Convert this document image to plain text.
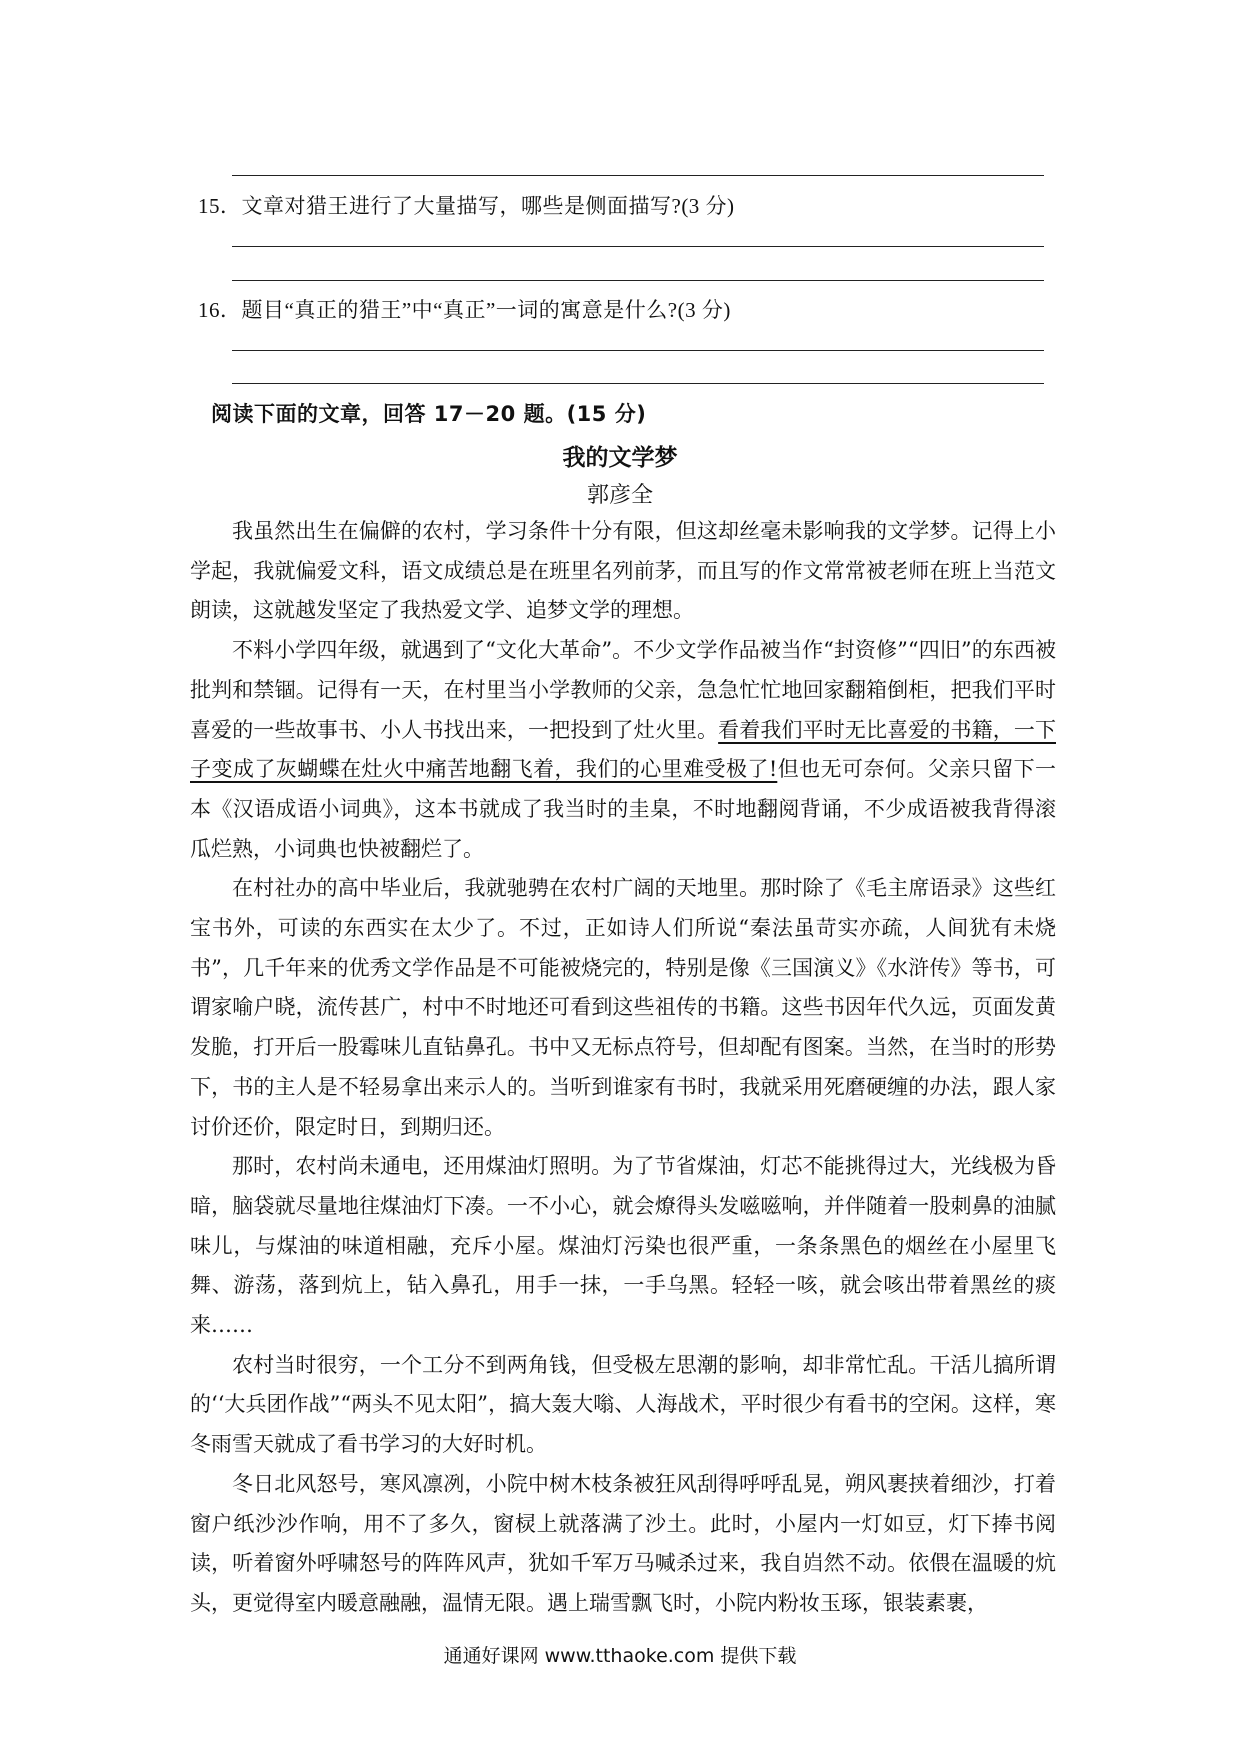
15．文章对猎王进行了大量描写，哪些是侧面描写?(3 分)
16．题目“真正的猎王”中“真正”一词的寓意是什么?(3 分)
阅读下面的文章，回答 17－20 题。(15 分)
我的文学梦
郭彦全

我虽然出生在偏僻的农村，学习条件十分有限，但这却丝毫未影响我的文学梦。记得上小学起，我就偏爱文科，语文成绩总是在班里名列前茅，而且写的作文常常被老师在班上当范文朗读，这就越发坚定了我热爱文学、追梦文学的理想。

不料小学四年级，就遇到了“文化大革命”。不少文学作品被当作“封资修”“四旧”的东西被批判和禁锢。记得有一天，在村里当小学教师的父亲，急急忙忙地回家翻箱倒柜，把我们平时喜爱的一些故事书、小人书找出来，一把投到了灶火里。看着我们平时无比喜爱的书籍，一下子变成了灰蝴蝶在灶火中痛苦地翻飞着，我们的心里难受极了!但也无可奈何。父亲只留下一本《汉语成语小词典》，这本书就成了我当时的圭臬，不时地翻阅背诵，不少成语被我背得滚瓜烂熟，小词典也快被翻烂了。

在村社办的高中毕业后，我就驰骋在农村广阔的天地里。那时除了《毛主席语录》这些红宝书外，可读的东西实在太少了。不过，正如诗人们所说“秦法虽苛实亦疏，人间犹有未烧书”，几千年来的优秀文学作品是不可能被烧完的，特别是像《三国演义》《水浒传》等书，可谓家喻户晓，流传甚广，村中不时地还可看到这些祖传的书籍。这些书因年代久远，页面发黄发脆，打开后一股霉味儿直钻鼻孔。书中又无标点符号，但却配有图案。当然，在当时的形势下，书的主人是不轻易拿出来示人的。当听到谁家有书时，我就采用死磨硬缠的办法，跟人家讨价还价，限定时日，到期归还。

那时，农村尚未通电，还用煤油灯照明。为了节省煤油，灯芯不能挑得过大，光线极为昏暗，脑袋就尽量地往煤油灯下凑。一不小心，就会燎得头发嗞嗞响，并伴随着一股刺鼻的油腻味儿，与煤油的味道相融，充斥小屋。煤油灯污染也很严重，一条条黑色的烟丝在小屋里飞舞、游荡，落到炕上，钻入鼻孔，用手一抹，一手乌黑。轻轻一咳，就会咳出带着黑丝的痰来……

农村当时很穷，一个工分不到两角钱，但受极左思潮的影响，却非常忙乱。干活儿搞所谓的‘‘大兵团作战”“两头不见太阳”，搞大轰大嗡、人海战术，平时很少有看书的空闲。这样，寒冬雨雪天就成了看书学习的大好时机。

冬日北风怒号，寒风凛冽，小院中树木枝条被狂风刮得呼呼乱晃，朔风裹挟着细沙，打着窗户纸沙沙作响，用不了多久，窗棂上就落满了沙土。此时，小屋内一灯如豆，灯下捧书阅读，听着窗外呼啸怒号的阵阵风声，犹如千军万马喊杀过来，我自岿然不动。依偎在温暖的炕头，更觉得室内暖意融融，温情无限。遇上瑞雪飘飞时，小院内粉妆玉琢，银装素裹，

通通好课网 www.tthaoke.com 提供下载
